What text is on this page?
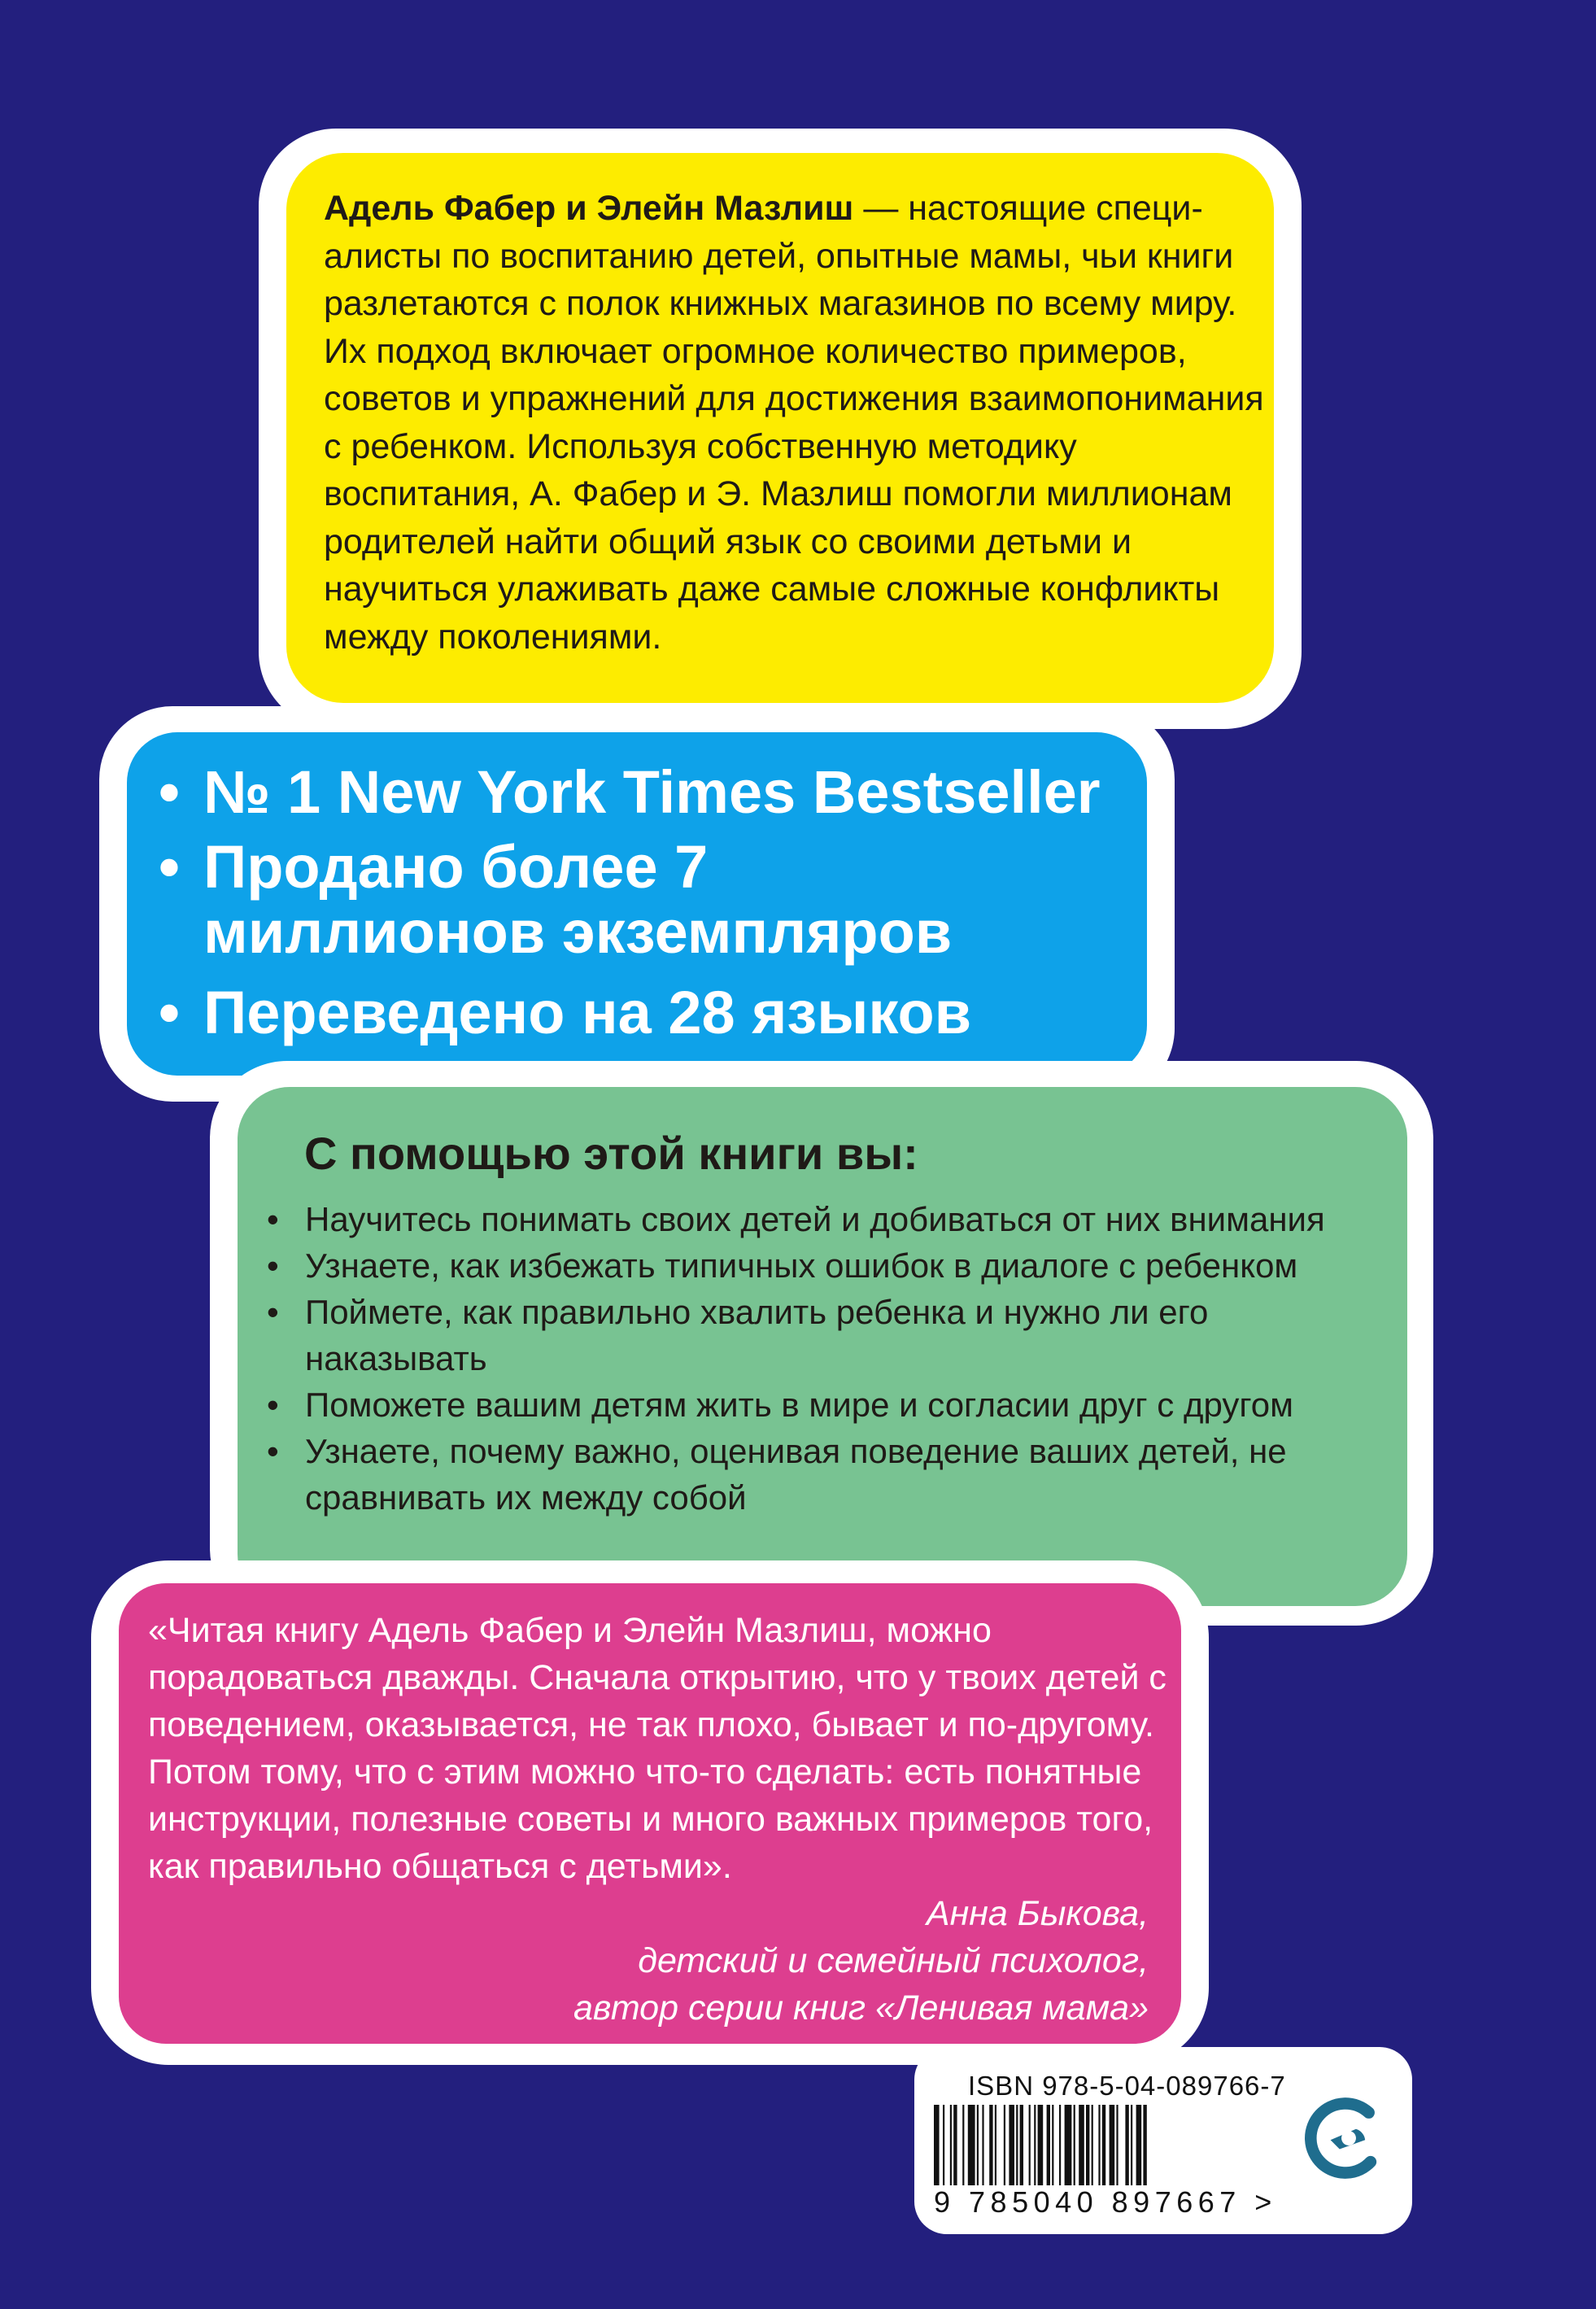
Адель Фабер и Элейн Мазлиш — настоящие специалисты по воспитанию детей, опытные мамы, чьи книги разлетаются с полок книжных магазинов по всему миру. Их подход включает огромное количество примеров, советов и упражнений для достижения взаимопонимания с ребенком. Используя собственную методику воспитания, А. Фабер и Э. Мазлиш помогли миллионам родителей найти общий язык со своими детьми и научиться улаживать даже самые сложные конфликты между поколениями.
• № 1 New York Times Bestseller
• Продано более 7 миллионов экземпляров
• Переведено на 28 языков
С помощью этой книги вы:
• Научитесь понимать своих детей и добиваться от них внимания
• Узнаете, как избежать типичных ошибок в диалоге с ребенком
• Поймете, как правильно хвалить ребенка и нужно ли его наказывать
• Поможете вашим детям жить в мире и согласии друг с другом
• Узнаете, почему важно, оценивая поведение ваших детей, не сравнивать их между собой
«Читая книгу Адель Фабер и Элейн Мазлиш, можно порадоваться дважды. Сначала открытию, что у твоих детей с поведением, оказывается, не так плохо, бывает и по-другому. Потом тому, что с этим можно что-то сделать: есть понятные инструкции, полезные советы и много важных примеров того, как правильно общаться с детьми».
Анна Быкова,
детский и семейный психолог,
автор серии книг «Ленивая мама»
ISBN 978-5-04-089766-7
9 785040 897667 >
